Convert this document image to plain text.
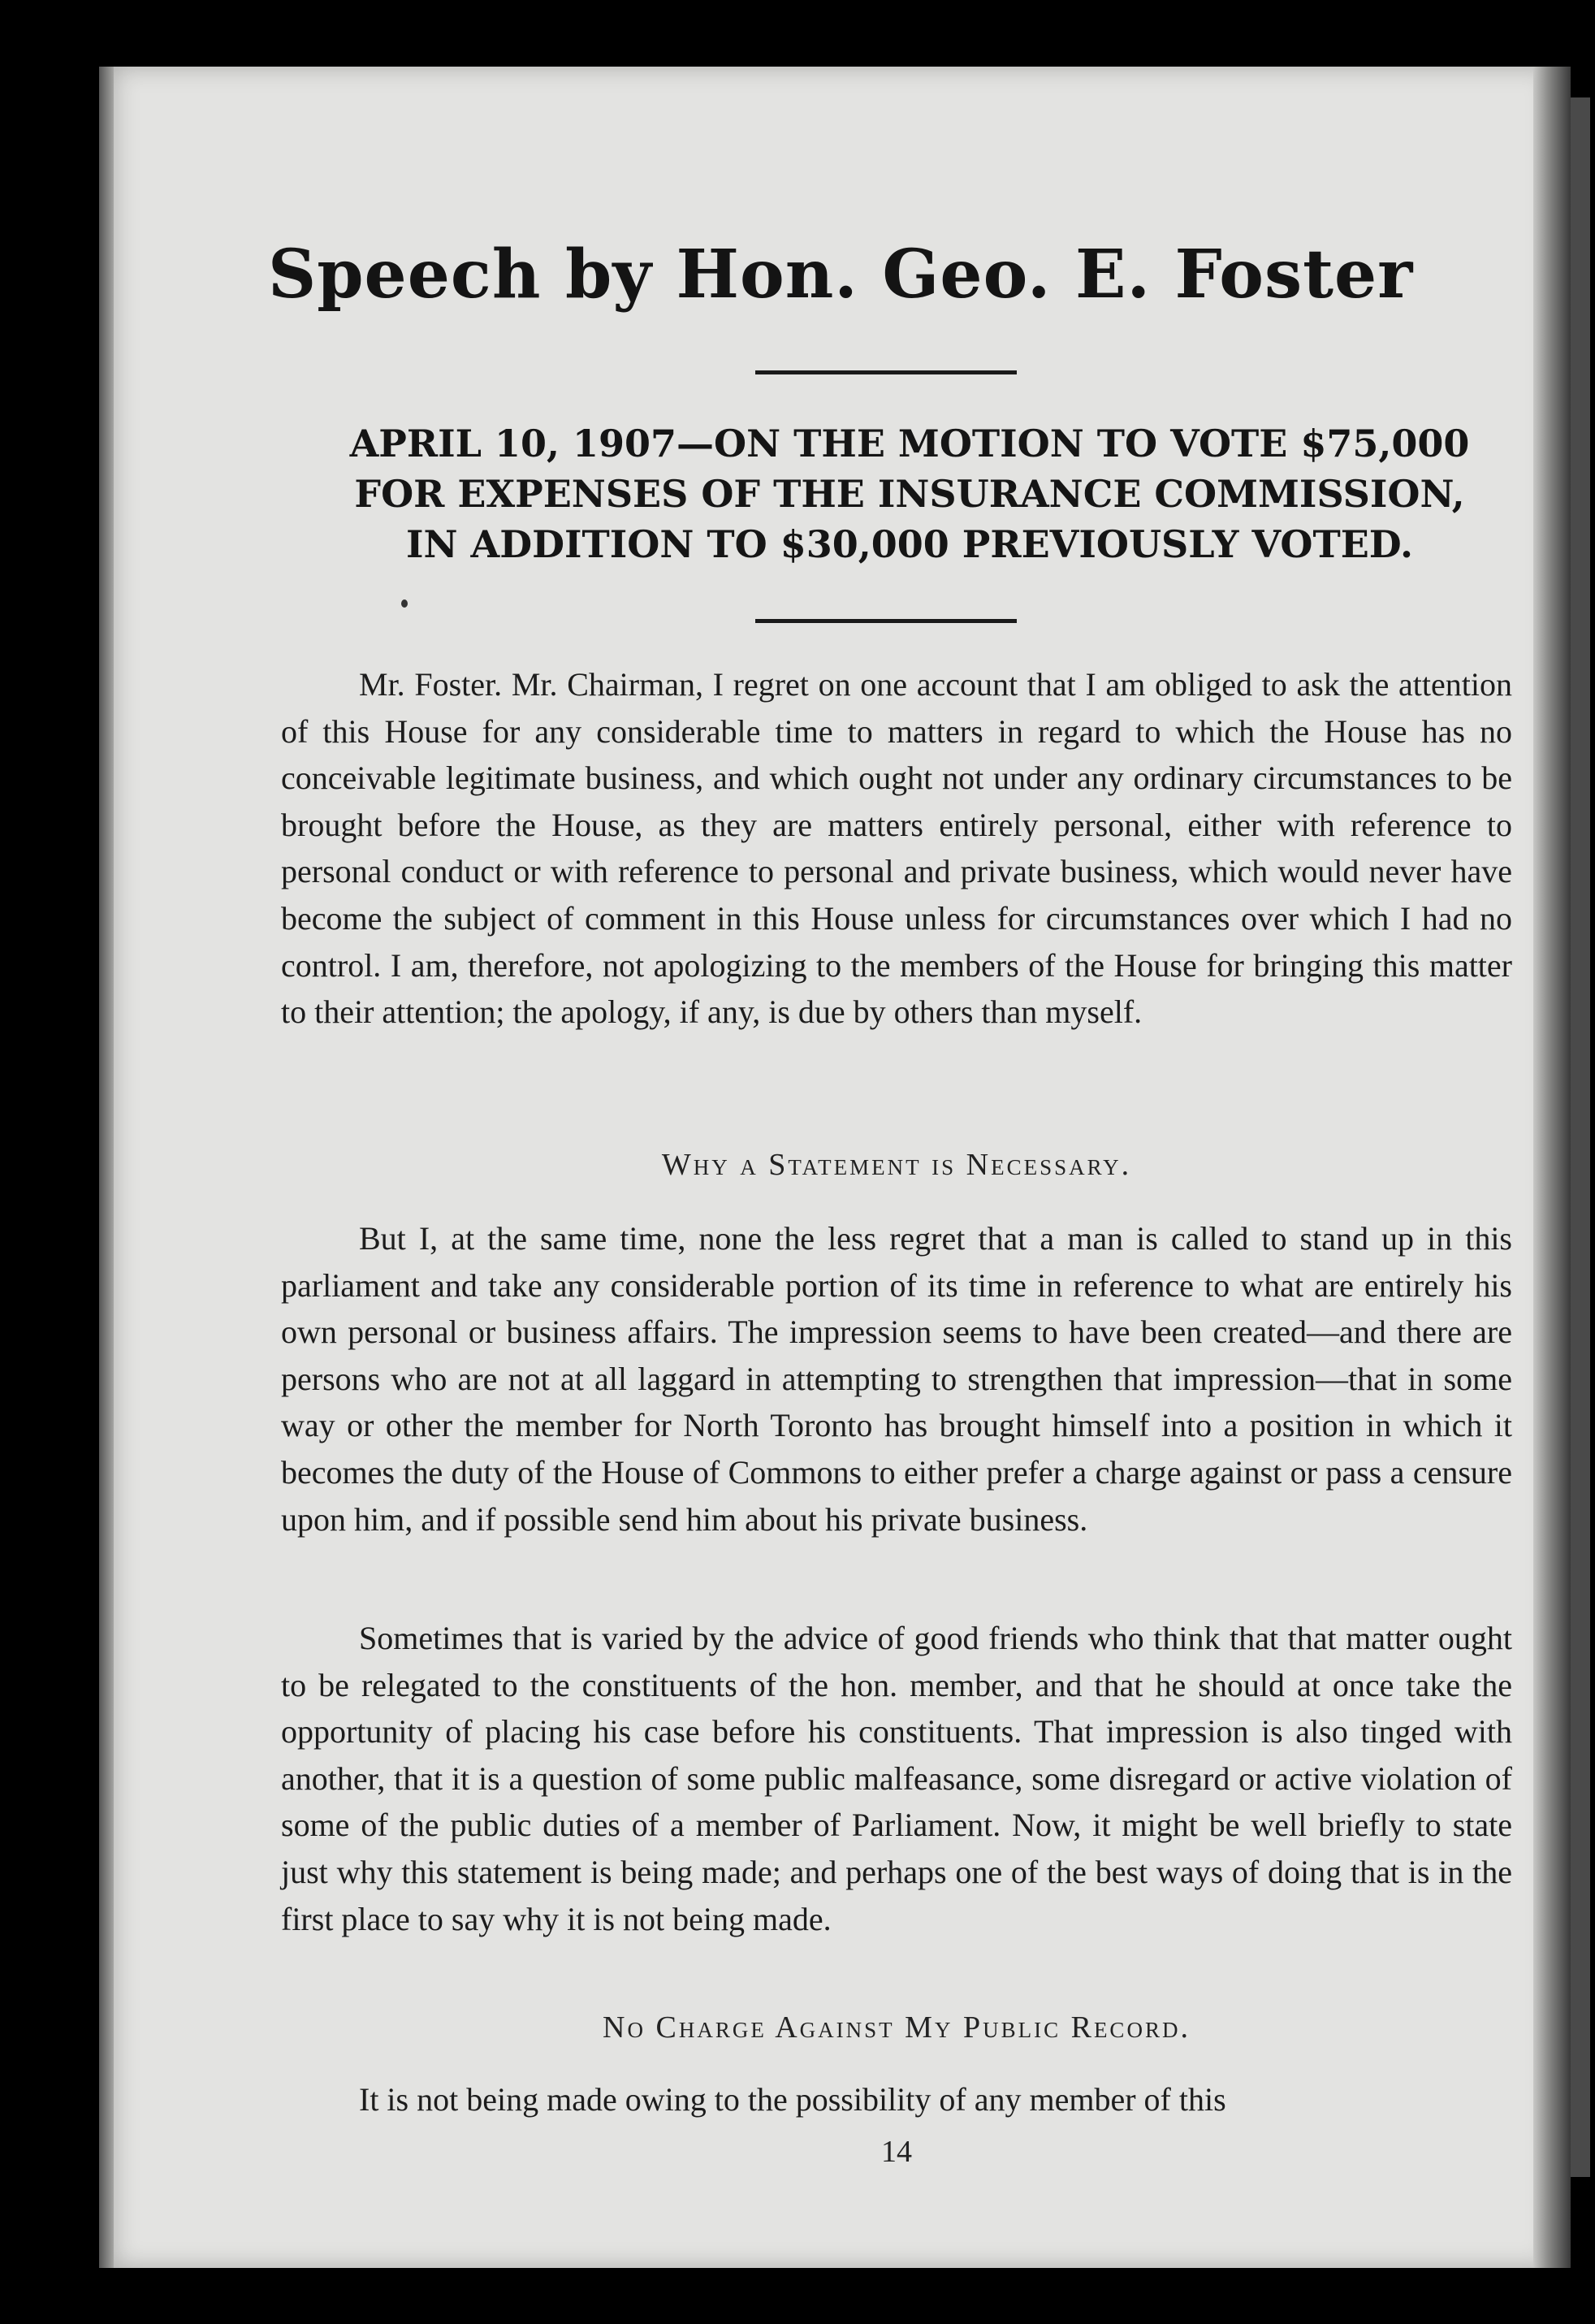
Speech by Hon. Geo. E. Foster
APRIL 10, 1907—ON THE MOTION TO VOTE $75,000
FOR EXPENSES OF THE INSURANCE COMMISSION,
IN ADDITION TO $30,000 PREVIOUSLY VOTED.

Mr. Foster. Mr. Chairman, I regret on one account that I am obliged to ask the attention of this House for any considerable time to matters in regard to which the House has no conceivable legitimate business, and which ought not under any ordinary circumstances to be brought before the House, as they are matters entirely personal, either with reference to personal conduct or with reference to personal and private business, which would never have become the subject of comment in this House unless for circumstances over which I had no control. I am, therefore, not apologizing to the members of the House for bringing this matter to their attention; the apology, if any, is due by others than myself.

Why a Statement is Necessary.

But I, at the same time, none the less regret that a man is called to stand up in this parliament and take any considerable portion of its time in reference to what are entirely his own personal or business affairs. The impression seems to have been created—and there are persons who are not at all laggard in attempting to strengthen that impression—that in some way or other the member for North Toronto has brought himself into a position in which it becomes the duty of the House of Commons to either prefer a charge against or pass a censure upon him, and if possible send him about his private business.

Sometimes that is varied by the advice of good friends who think that that matter ought to be relegated to the constituents of the hon. member, and that he should at once take the opportunity of placing his case before his constituents. That impression is also tinged with another, that it is a question of some public malfeasance, some disregard or active violation of some of the public duties of a member of Parliament. Now, it might be well briefly to state just why this statement is being made; and perhaps one of the best ways of doing that is in the first place to say why it is not being made.

No Charge Against My Public Record.

It is not being made owing to the possibility of any member of this

14
